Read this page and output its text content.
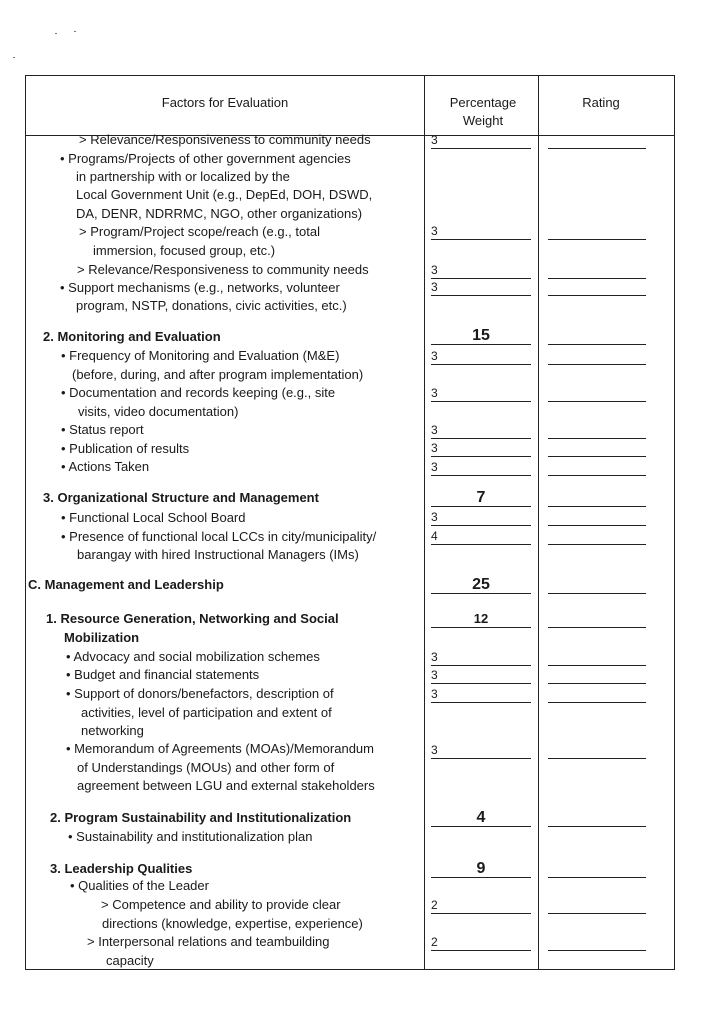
Factors for Evaluation	Percentage Weight
Rating
> Relevance/Responsiveness to community needs
• Programs/Projects of other government agencies
in partnership with or localized by the
Local Government Unit (e.g., DepEd, DOH, DSWD,
DA, DENR, NDRRMC, NGO, other organizations)
> Program/Project scope/reach (e.g., total
immersion, focused group, etc.)
> Relevance/Responsiveness to community needs
• Support mechanisms (e.g., networks, volunteer
program, NSTP, donations, civic activities, etc.)
2. Monitoring and Evaluation
• Frequency of Monitoring and Evaluation (M&E)
(before, during, and after program implementation)
• Documentation and records keeping (e.g., site
visits, video documentation)
• Status report
• Publication of results
• Actions Taken
3. Organizational Structure and Management
• Functional Local School Board
• Presence of functional local LCCs in city/municipality/
barangay with hired Instructional Managers (IMs)
C. Management and Leadership
1. Resource Generation, Networking and Social
Mobilization
• Advocacy and social mobilization schemes
• Budget and financial statements
• Support of donors/benefactors, description of
activities, level of participation and extent of
networking
• Memorandum of Agreements (MOAs)/Memorandum
of Understandings (MOUs) and other form of
agreement between LGU and external stakeholders
2. Program Sustainability and Institutionalization
• Sustainability and institutionalization plan
3. Leadership Qualities
• Qualities of the Leader
> Competence and ability to provide clear
directions (knowledge, expertise, experience)
> Interpersonal relations and teambuilding
capacity
3
3
3
3
15
3
3
3
3
3
7
3
4
25
12
3
3
3
3
4
9
2
2
